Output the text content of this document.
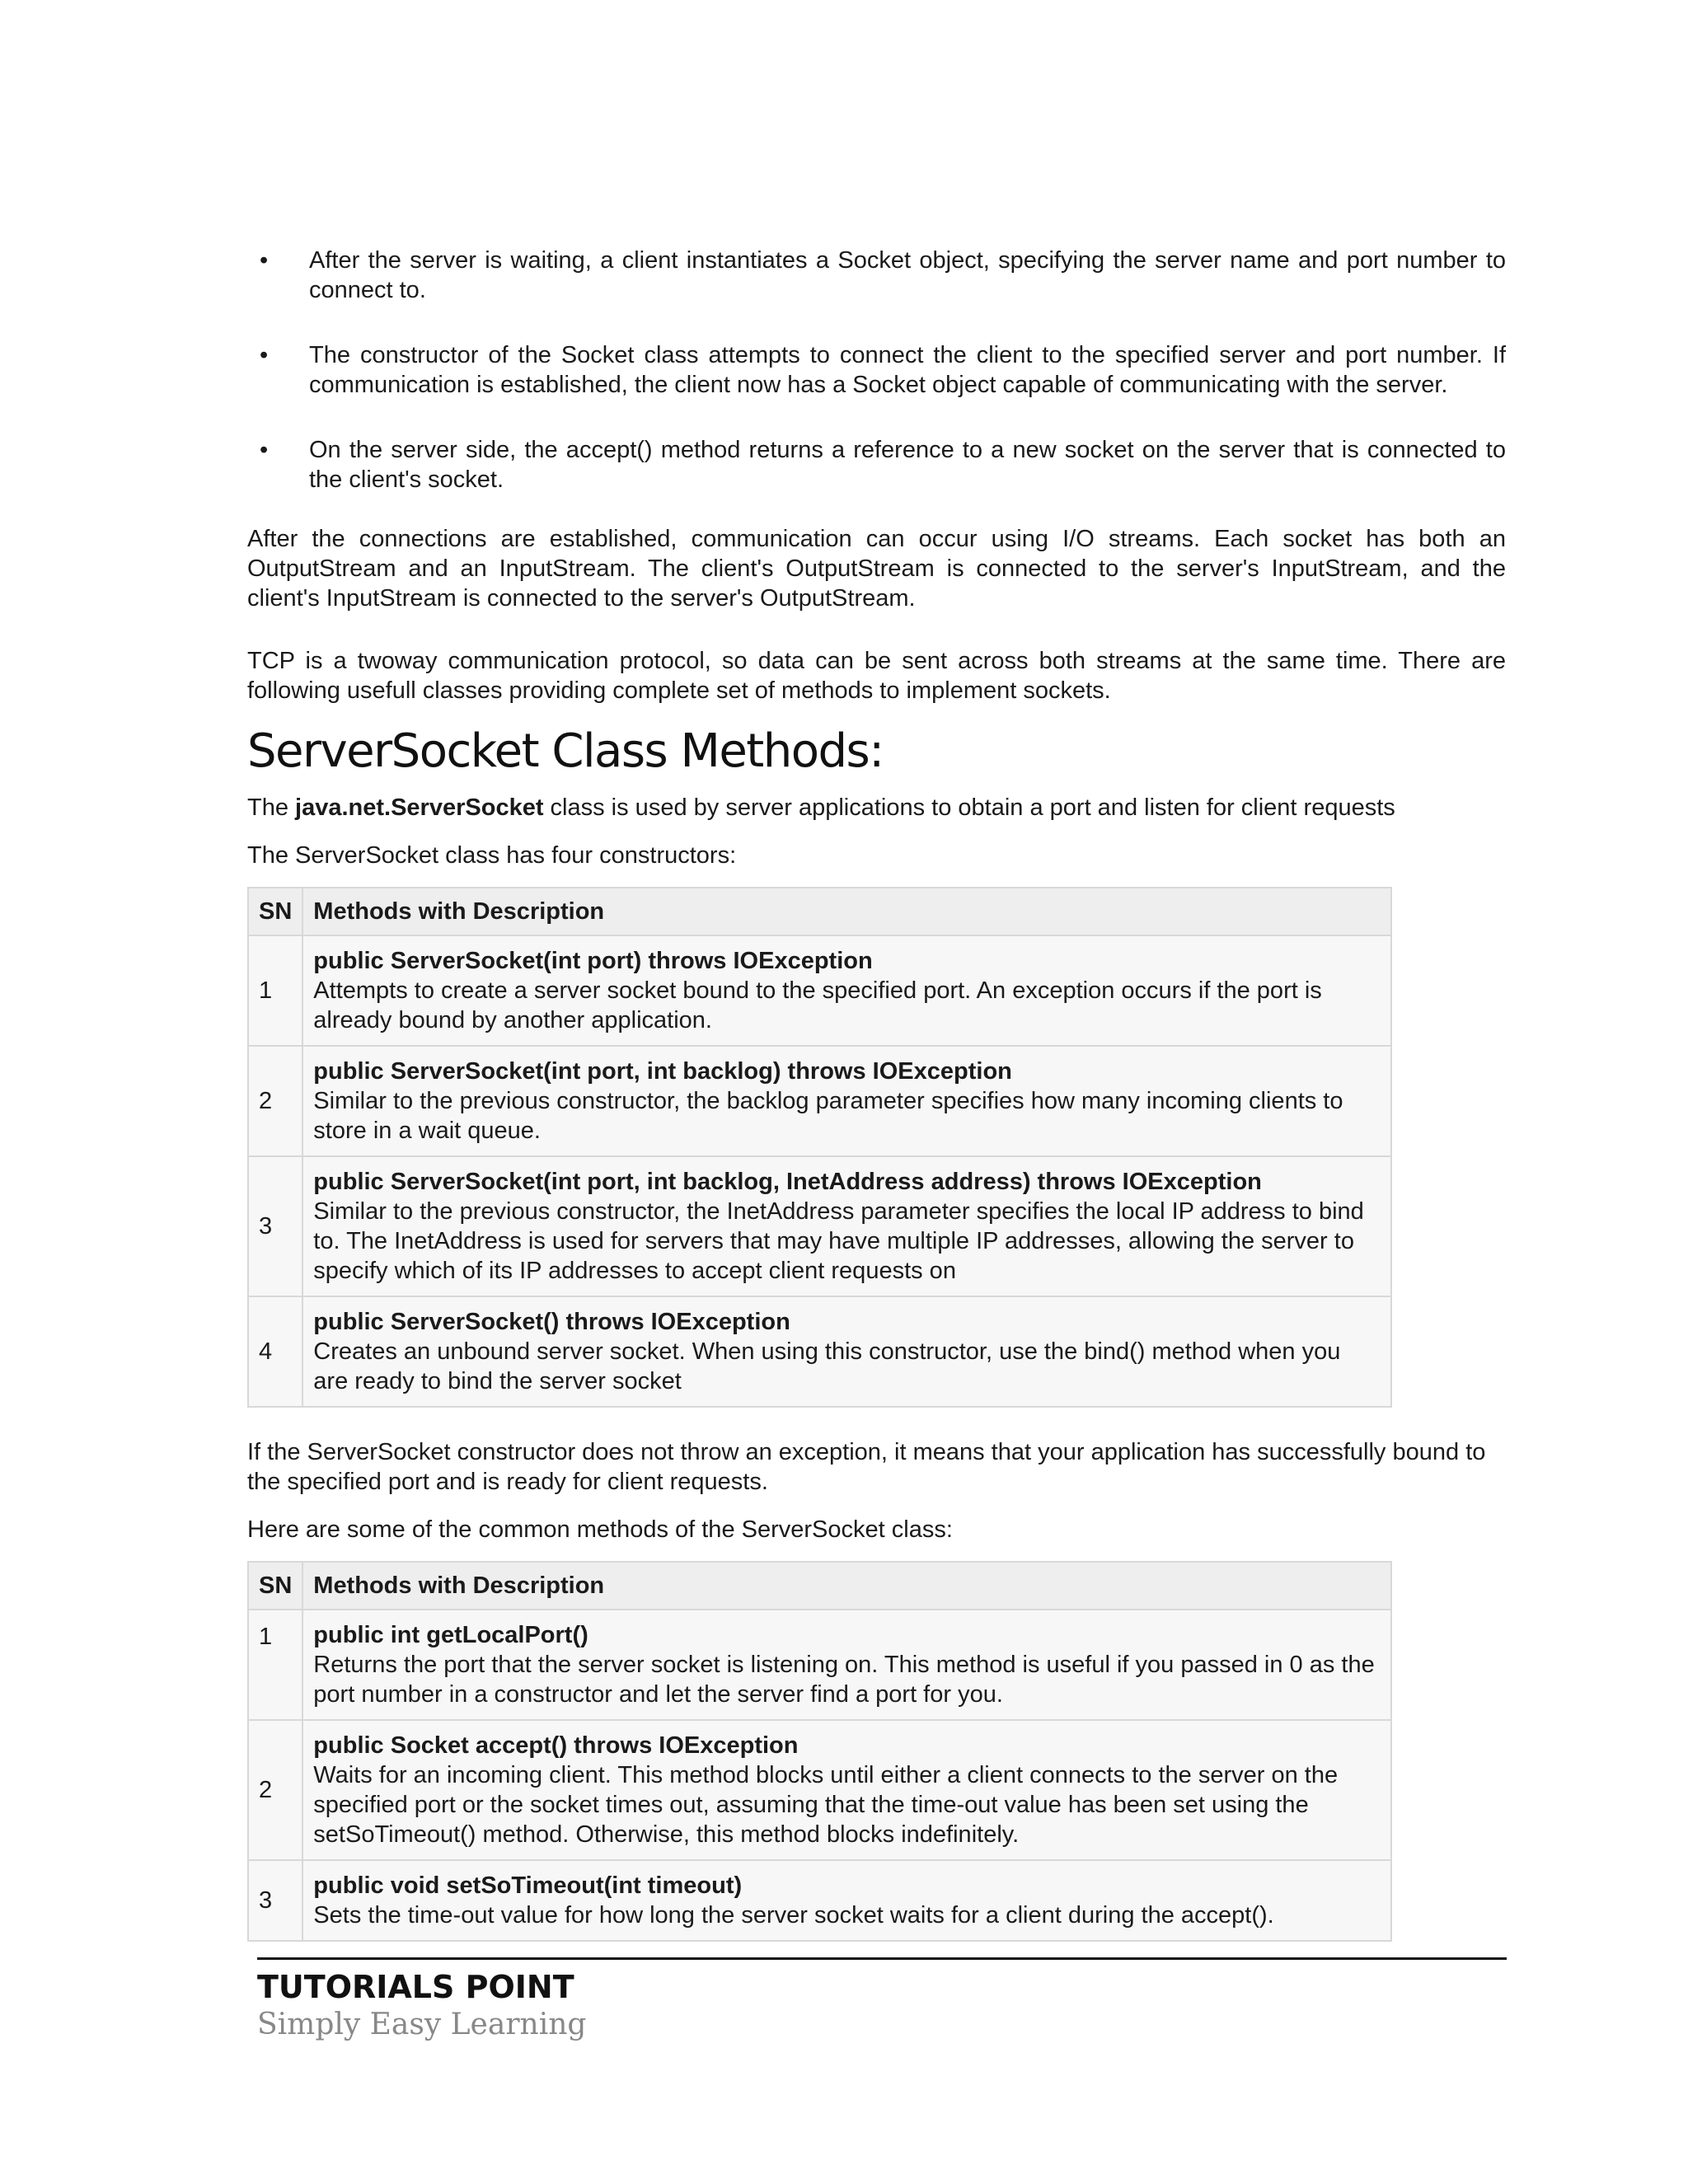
• After the server is waiting, a client instantiates a Socket object, specifying the server name and port number to connect to.
• The constructor of the Socket class attempts to connect the client to the specified server and port number. If communication is established, the client now has a Socket object capable of communicating with the server.
• On the server side, the accept() method returns a reference to a new socket on the server that is connected to the client's socket.

After the connections are established, communication can occur using I/O streams. Each socket has both an OutputStream and an InputStream. The client's OutputStream is connected to the server's InputStream, and the client's InputStream is connected to the server's OutputStream.

TCP is a twoway communication protocol, so data can be sent across both streams at the same time. There are following usefull classes providing complete set of methods to implement sockets.

ServerSocket Class Methods:

The java.net.ServerSocket class is used by server applications to obtain a port and listen for client requests

The ServerSocket class has four constructors:

SN	Methods with Description
1	public ServerSocket(int port) throws IOException
Attempts to create a server socket bound to the specified port. An exception occurs if the port is already bound by another application.

2	public ServerSocket(int port, int backlog) throws IOException
Similar to the previous constructor, the backlog parameter specifies how many incoming clients to store in a wait queue.

3	public ServerSocket(int port, int backlog, InetAddress address) throws IOException
Similar to the previous constructor, the InetAddress parameter specifies the local IP address to bind to. The InetAddress is used for servers that may have multiple IP addresses, allowing the server to specify which of its IP addresses to accept client requests on

4	public ServerSocket() throws IOException
Creates an unbound server socket. When using this constructor, use the bind() method when you are ready to bind the server socket

If the ServerSocket constructor does not throw an exception, it means that your application has successfully bound to the specified port and is ready for client requests.

Here are some of the common methods of the ServerSocket class:

SN	Methods with Description
1	public int getLocalPort()
Returns the port that the server socket is listening on. This method is useful if you passed in 0 as the port number in a constructor and let the server find a port for you.

2	public Socket accept() throws IOException
Waits for an incoming client. This method blocks until either a client connects to the server on the specified port or the socket times out, assuming that the time-out value has been set using the setSoTimeout() method. Otherwise, this method blocks indefinitely.

3	public void setSoTimeout(int timeout)
Sets the time-out value for how long the server socket waits for a client during the accept().
TUTORIALS POINT
Simply Easy Learning
